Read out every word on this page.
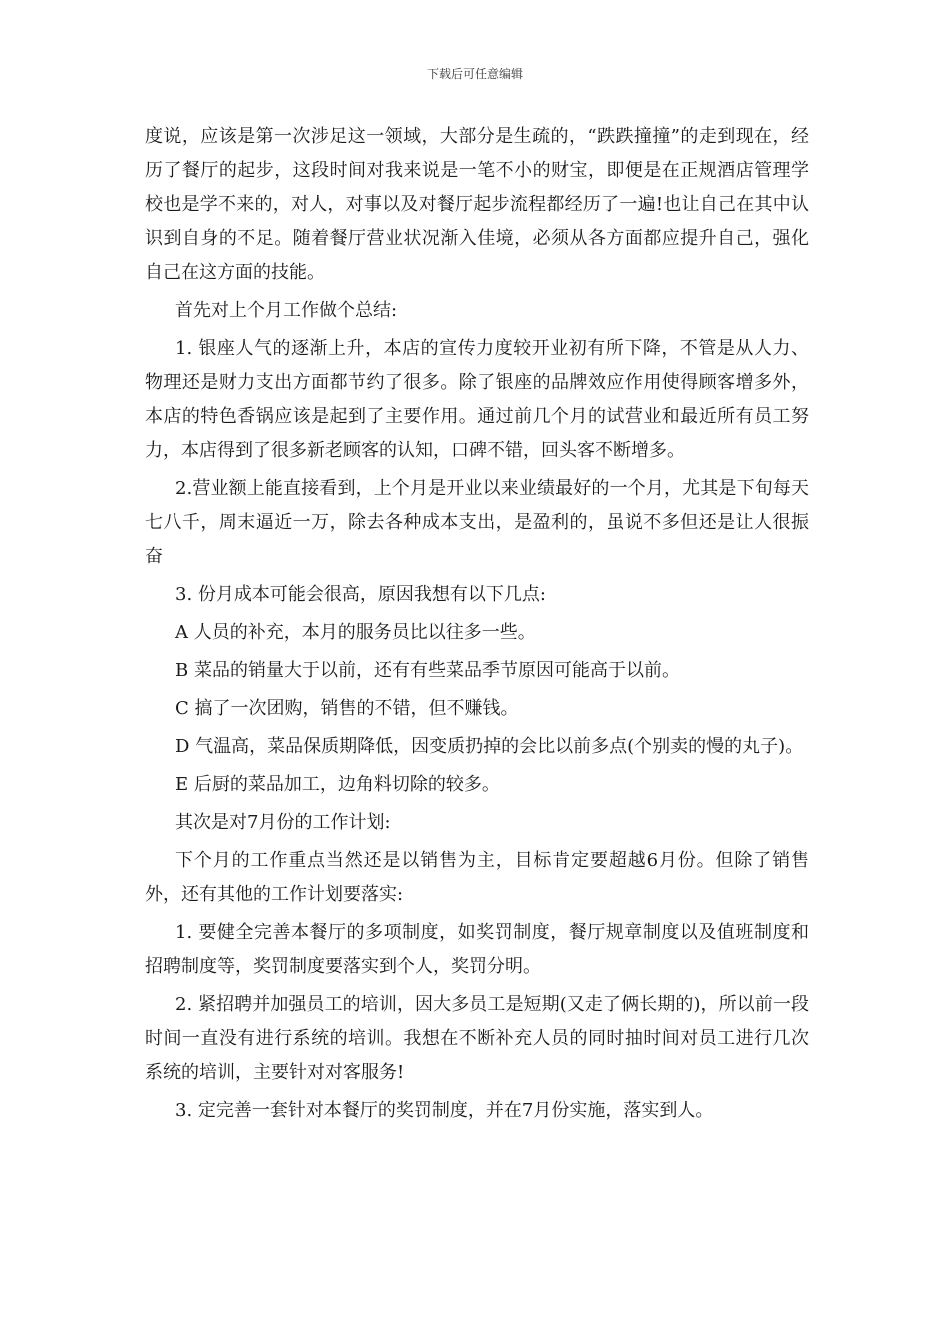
下载后可任意编辑

度说，应该是第一次涉足这一领域，大部分是生疏的，“跌跌撞撞”的走到现在，经历了餐厅的起步，这段时间对我来说是一笔不小的财宝，即便是在正规酒店管理学校也是学不来的，对人，对事以及对餐厅起步流程都经历了一遍!也让自己在其中认识到自身的不足。随着餐厅营业状况渐入佳境，必须从各方面都应提升自己，强化自己在这方面的技能。

首先对上个月工作做个总结:

1. 银座人气的逐渐上升，本店的宣传力度较开业初有所下降，不管是从人力、物理还是财力支出方面都节约了很多。除了银座的品牌效应作用使得顾客增多外，本店的特色香锅应该是起到了主要作用。通过前几个月的试营业和最近所有员工努力，本店得到了很多新老顾客的认知，口碑不错，回头客不断增多。

2.营业额上能直接看到，上个月是开业以来业绩最好的一个月，尤其是下旬每天七八千，周末逼近一万，除去各种成本支出，是盈利的，虽说不多但还是让人很振奋

3. 份月成本可能会很高，原因我想有以下几点:

A 人员的补充，本月的服务员比以往多一些。

B 菜品的销量大于以前，还有有些菜品季节原因可能高于以前。

C 搞了一次团购，销售的不错，但不赚钱。

D 气温高，菜品保质期降低，因变质扔掉的会比以前多点(个别卖的慢的丸子)。

E 后厨的菜品加工，边角料切除的较多。

其次是对7月份的工作计划:

下个月的工作重点当然还是以销售为主，目标肯定要超越6月份。但除了销售外，还有其他的工作计划要落实:

1. 要健全完善本餐厅的多项制度，如奖罚制度，餐厅规章制度以及值班制度和招聘制度等，奖罚制度要落实到个人，奖罚分明。

2. 紧招聘并加强员工的培训，因大多员工是短期(又走了俩长期的)，所以前一段时间一直没有进行系统的培训。我想在不断补充人员的同时抽时间对员工进行几次系统的培训，主要针对对客服务!

3. 定完善一套针对本餐厅的奖罚制度，并在7月份实施，落实到人。
